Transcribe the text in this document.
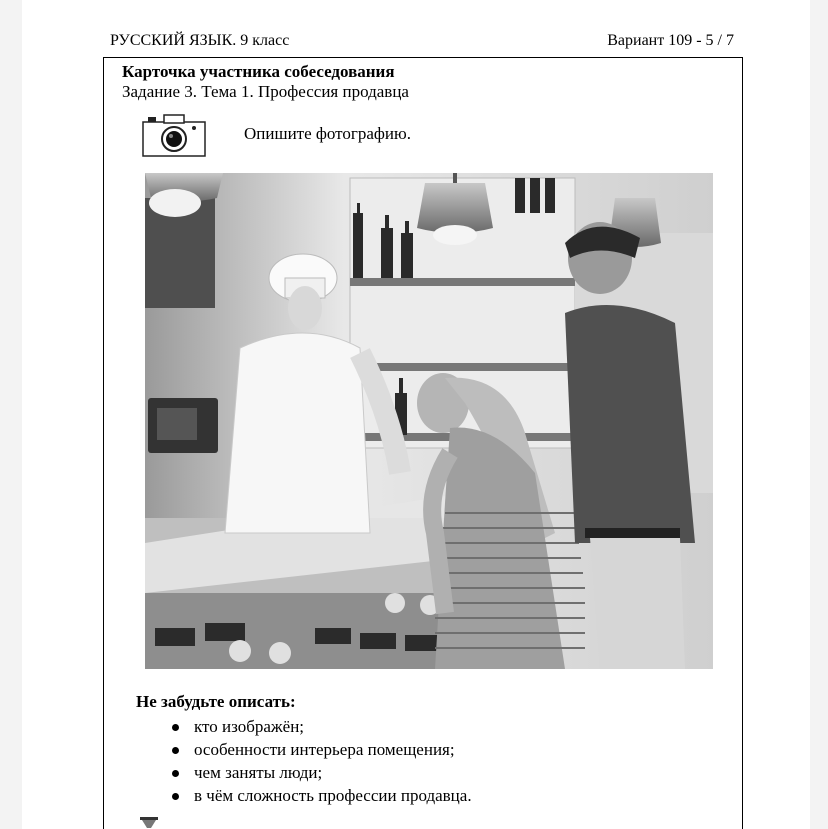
РУССКИЙ ЯЗЫК. 9 класс	Вариант 109 - 5 / 7
Карточка участника собеседования
Задание 3. Тема 1. Профессия продавца
Опишите фотографию.
Не забудьте описать:
кто изображён;
особенности интерьера помещения;
чем заняты люди;
в чём сложность профессии продавца.
